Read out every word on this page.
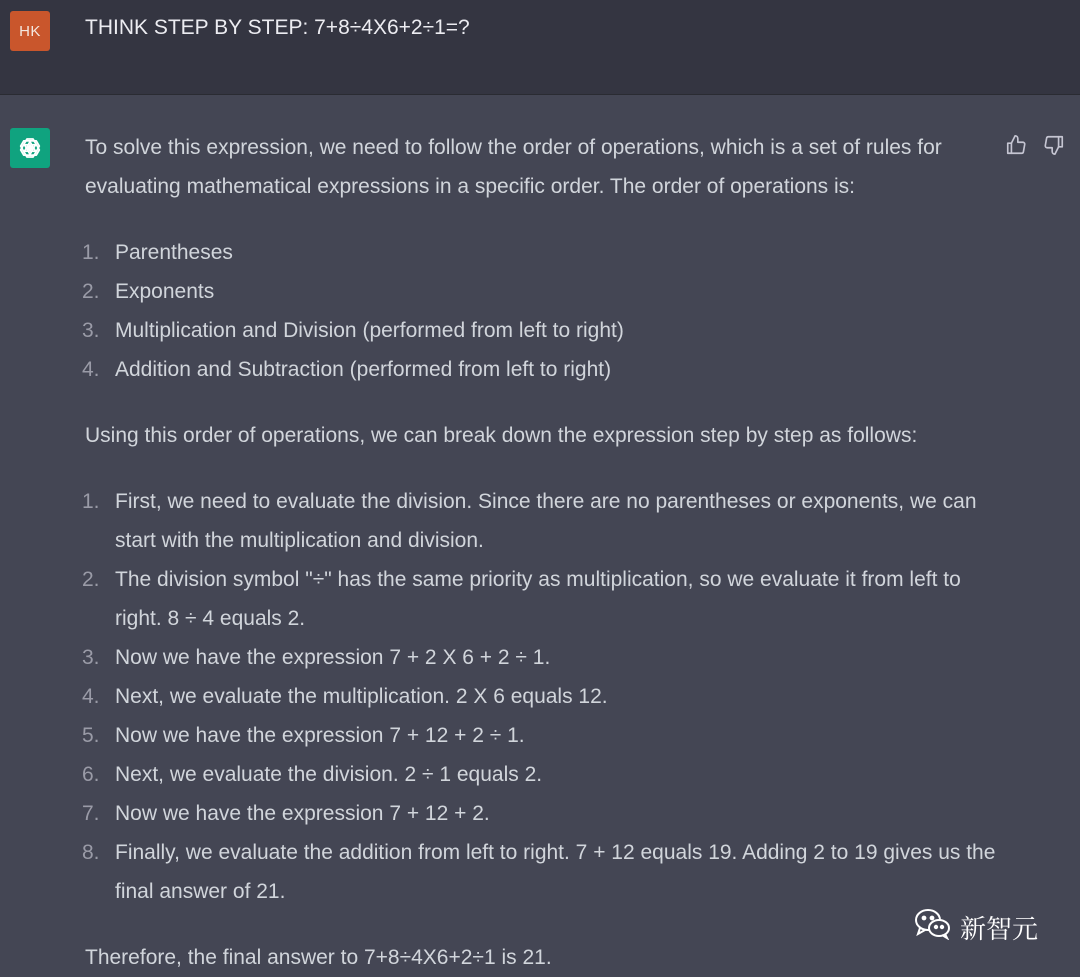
HK	THINK STEP BY STEP: 7+8÷4X6+2÷1=?

To solve this expression, we need to follow the order of operations, which is a set of rules for evaluating mathematical expressions in a specific order. The order of operations is:

1. Parentheses
2. Exponents
3. Multiplication and Division (performed from left to right)
4. Addition and Subtraction (performed from left to right)

Using this order of operations, we can break down the expression step by step as follows:

1. First, we need to evaluate the division. Since there are no parentheses or exponents, we can start with the multiplication and division.
2. The division symbol "÷" has the same priority as multiplication, so we evaluate it from left to right. 8 ÷ 4 equals 2.
3. Now we have the expression 7 + 2 X 6 + 2 ÷ 1.
4. Next, we evaluate the multiplication. 2 X 6 equals 12.
5. Now we have the expression 7 + 12 + 2 ÷ 1.
6. Next, we evaluate the division. 2 ÷ 1 equals 2.
7. Now we have the expression 7 + 12 + 2.
8. Finally, we evaluate the addition from left to right. 7 + 12 equals 19. Adding 2 to 19 gives us the final answer of 21.

Therefore, the final answer to 7+8÷4X6+2÷1 is 21.

新智元
